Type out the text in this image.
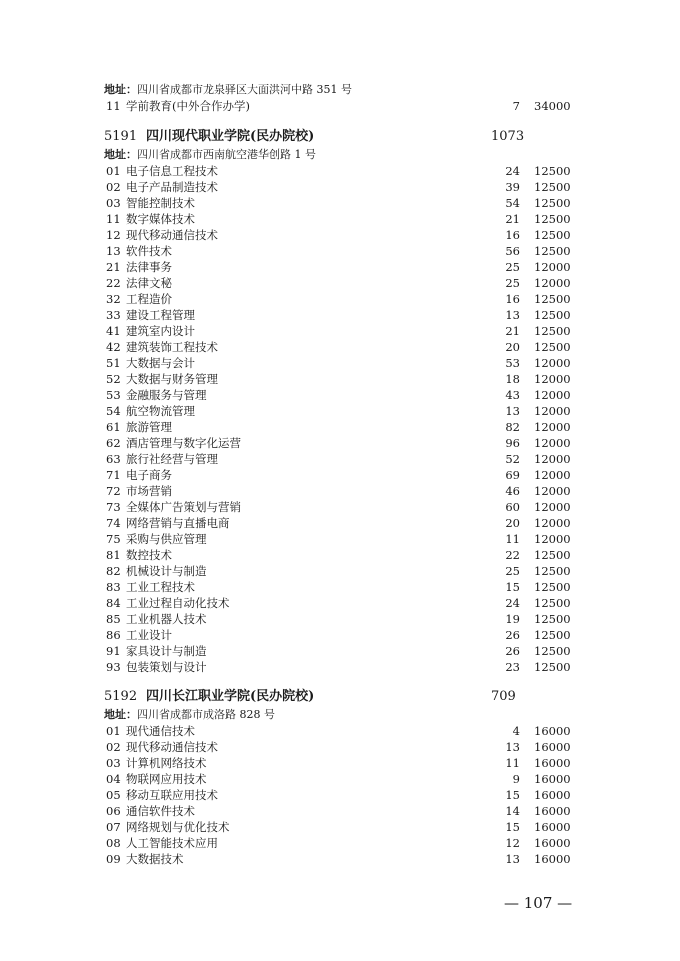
地址：四川省成都市龙泉驿区大面洪河中路 351 号
11 学前教育(中外合作办学)	7 34000
5191 四川现代职业学院(民办院校)	1073
地址：四川省成都市西南航空港华创路 1 号
01 电子信息工程技术	24 12500
02 电子产品制造技术	39 12500
03 智能控制技术	54 12500
11 数字媒体技术	21 12500
12 现代移动通信技术	16 12500
13 软件技术	56 12500
21 法律事务	25 12000
22 法律文秘	25 12000
32 工程造价	16 12500
33 建设工程管理	13 12500
41 建筑室内设计	21 12500
42 建筑装饰工程技术	20 12500
51 大数据与会计	53 12000
52 大数据与财务管理	18 12000
53 金融服务与管理	43 12000
54 航空物流管理	13 12000
61 旅游管理	82 12000
62 酒店管理与数字化运营	96 12000
63 旅行社经营与管理	52 12000
71 电子商务	69 12000
72 市场营销	46 12000
73 全媒体广告策划与营销	60 12000
74 网络营销与直播电商	20 12000
75 采购与供应管理	11 12000
81 数控技术	22 12500
82 机械设计与制造	25 12500
83 工业工程技术	15 12500
84 工业过程自动化技术	24 12500
85 工业机器人技术	19 12500
86 工业设计	26 12500
91 家具设计与制造	26 12500
93 包装策划与设计	23 12500
5192 四川长江职业学院(民办院校)	709
地址：四川省成都市成洛路 828 号
01 现代通信技术	4 16000
02 现代移动通信技术	13 16000
03 计算机网络技术	11 16000
04 物联网应用技术	9 16000
05 移动互联应用技术	15 16000
06 通信软件技术	14 16000
07 网络规划与优化技术	15 16000
08 人工智能技术应用	12 16000
09 大数据技术	13 16000
— 107 —
